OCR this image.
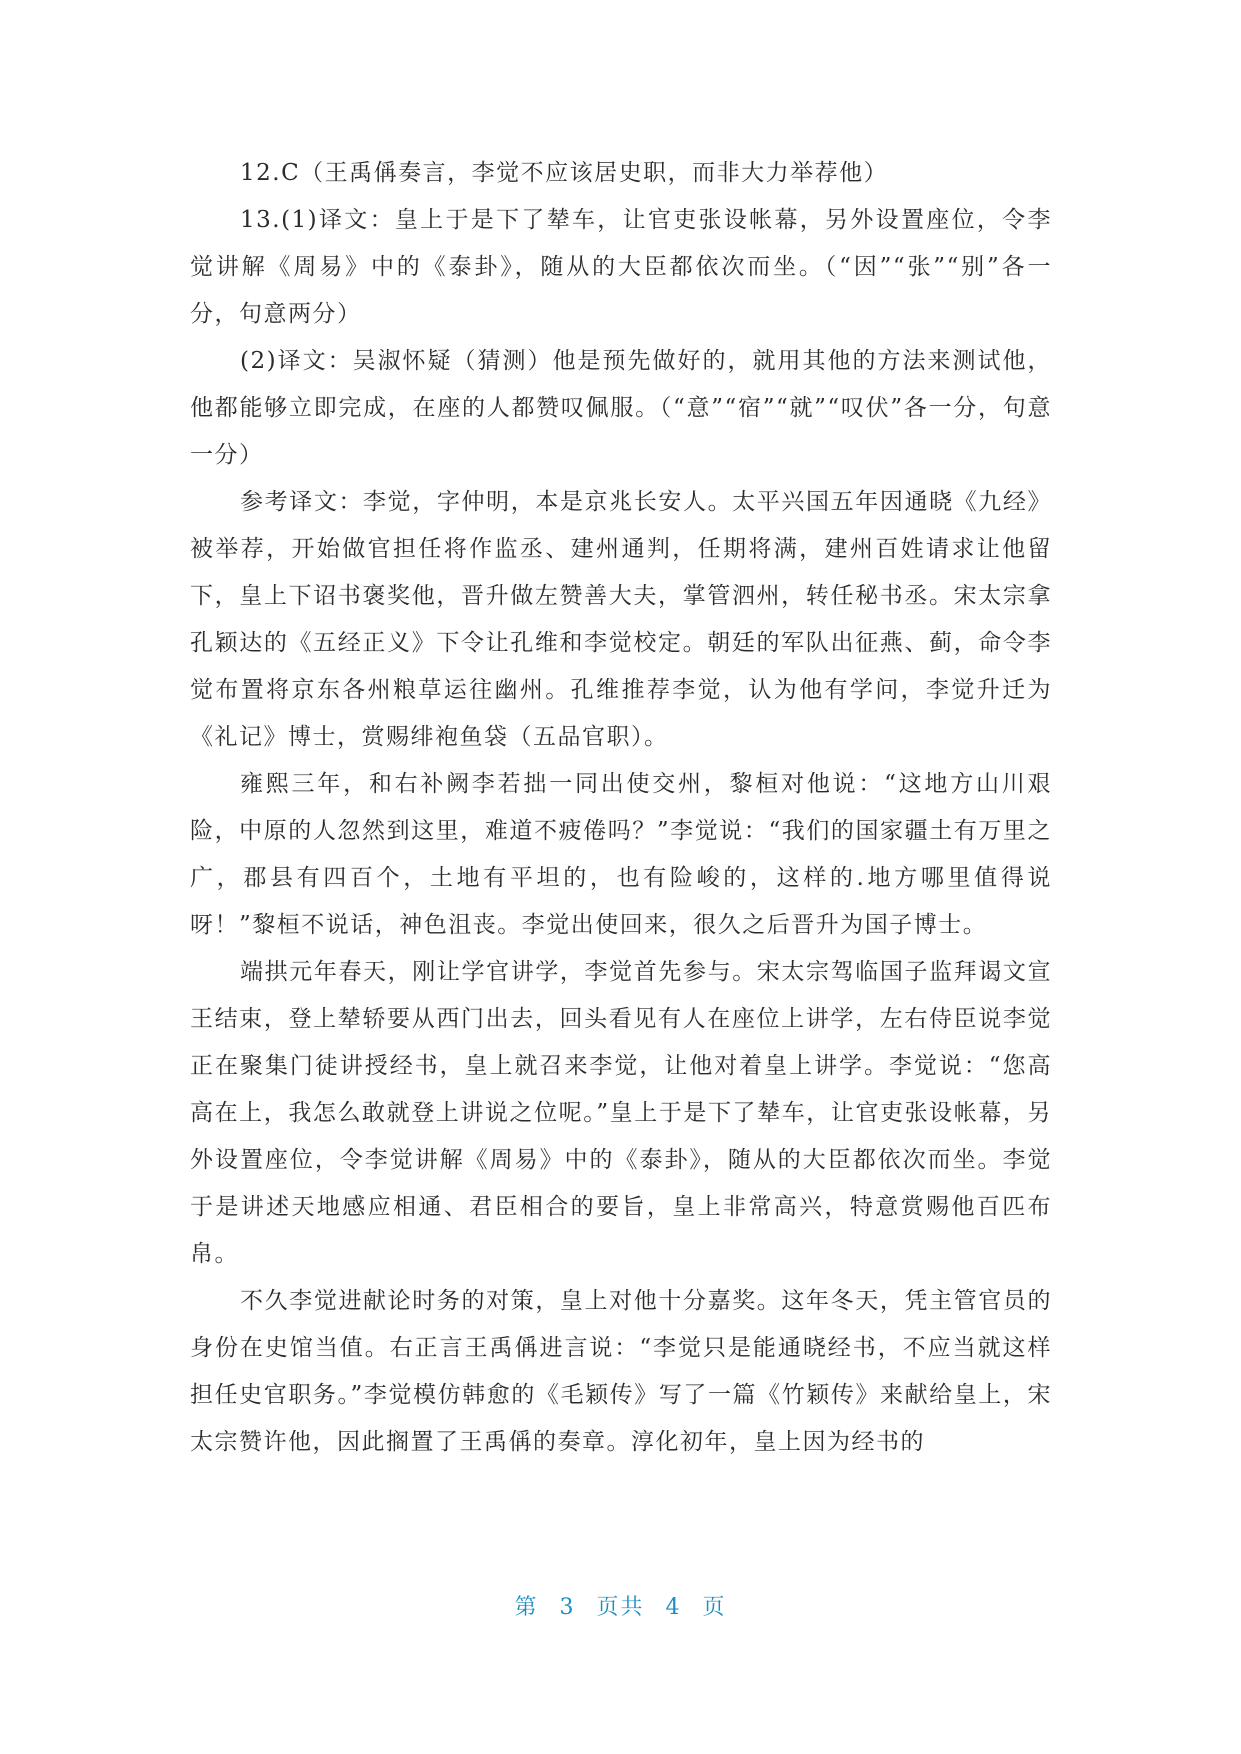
12.C（王禹偁奏言，李觉不应该居史职，而非大力举荐他）

13.(1)译文：皇上于是下了辇车，让官吏张设帐幕，另外设置座位，令李觉讲解《周易》中的《泰卦》，随从的大臣都依次而坐。（“因”“张”“别”各一分，句意两分）

(2)译文：吴淑怀疑（猜测）他是预先做好的，就用其他的方法来测试他，他都能够立即完成，在座的人都赞叹佩服。（“意”“宿”“就”“叹伏”各一分，句意一分）

参考译文：李觉，字仲明，本是京兆长安人。太平兴国五年因通晓《九经》被举荐，开始做官担任将作监丞、建州通判，任期将满，建州百姓请求让他留下，皇上下诏书褒奖他，晋升做左赞善大夫，掌管泗州，转任秘书丞。宋太宗拿孔颖达的《五经正义》下令让孔维和李觉校定。朝廷的军队出征燕、蓟，命令李觉布置将京东各州粮草运往幽州。孔维推荐李觉，认为他有学问，李觉升迁为《礼记》博士，赏赐绯袍鱼袋（五品官职）。

雍熙三年，和右补阙李若拙一同出使交州，黎桓对他说：“这地方山川艰险，中原的人忽然到这里，难道不疲倦吗？”李觉说：“我们的国家疆土有万里之广，郡县有四百个，土地有平坦的，也有险峻的，这样的.地方哪里值得说呀！”黎桓不说话，神色沮丧。李觉出使回来，很久之后晋升为国子博士。

端拱元年春天，刚让学官讲学，李觉首先参与。宋太宗驾临国子监拜谒文宣王结束，登上辇轿要从西门出去，回头看见有人在座位上讲学，左右侍臣说李觉正在聚集门徒讲授经书，皇上就召来李觉，让他对着皇上讲学。李觉说：“您高高在上，我怎么敢就登上讲说之位呢。”皇上于是下了辇车，让官吏张设帐幕，另外设置座位，令李觉讲解《周易》中的《泰卦》，随从的大臣都依次而坐。李觉于是讲述天地感应相通、君臣相合的要旨，皇上非常高兴，特意赏赐他百匹布帛。

不久李觉进献论时务的对策，皇上对他十分嘉奖。这年冬天，凭主管官员的身份在史馆当值。右正言王禹偁进言说：“李觉只是能通晓经书，不应当就这样担任史官职务。”李觉模仿韩愈的《毛颖传》写了一篇《竹颖传》来献给皇上，宋太宗赞许他，因此搁置了王禹偁的奏章。淳化初年，皇上因为经书的

第 3 页共 4 页
